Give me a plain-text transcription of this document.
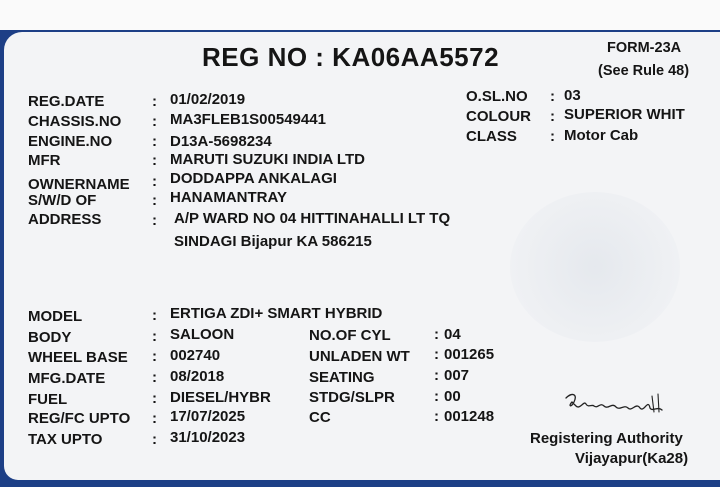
REG NO : KA06AA5572	FORM-23A
(See Rule 48)
REG.DATE
CHASSIS.NO
ENGINE.NO
MFR
OWNERNAME
S/W/D OF
ADDRESS
:
:
:
:
:
:
:
01/02/2019
MA3FLEB1S00549441
D13A-5698234
MARUTI SUZUKI INDIA LTD
DODDAPPA ANKALAGI
HANAMANTRAY
A/P WARD NO 04 HITTINAHALLI LT TQ
SINDAGI Bijapur KA 586215
O.SL.NO
COLOUR
CLASS
:
:
:
03
SUPERIOR WHIT
Motor Cab
MODEL
BODY
WHEEL BASE
MFG.DATE
FUEL
REG/FC UPTO
TAX UPTO
:
:
:
:
:
:
:
ERTIGA ZDI+ SMART HYBRID
SALOON
002740
08/2018
DIESEL/HYBR
17/07/2025
31/10/2023
NO.OF CYL
UNLADEN WT
SEATING
STDG/SLPR
CC
:
:
:
:
:
04
001265
007
00
001248
Registering Authority
Vijayapur(Ka28)
